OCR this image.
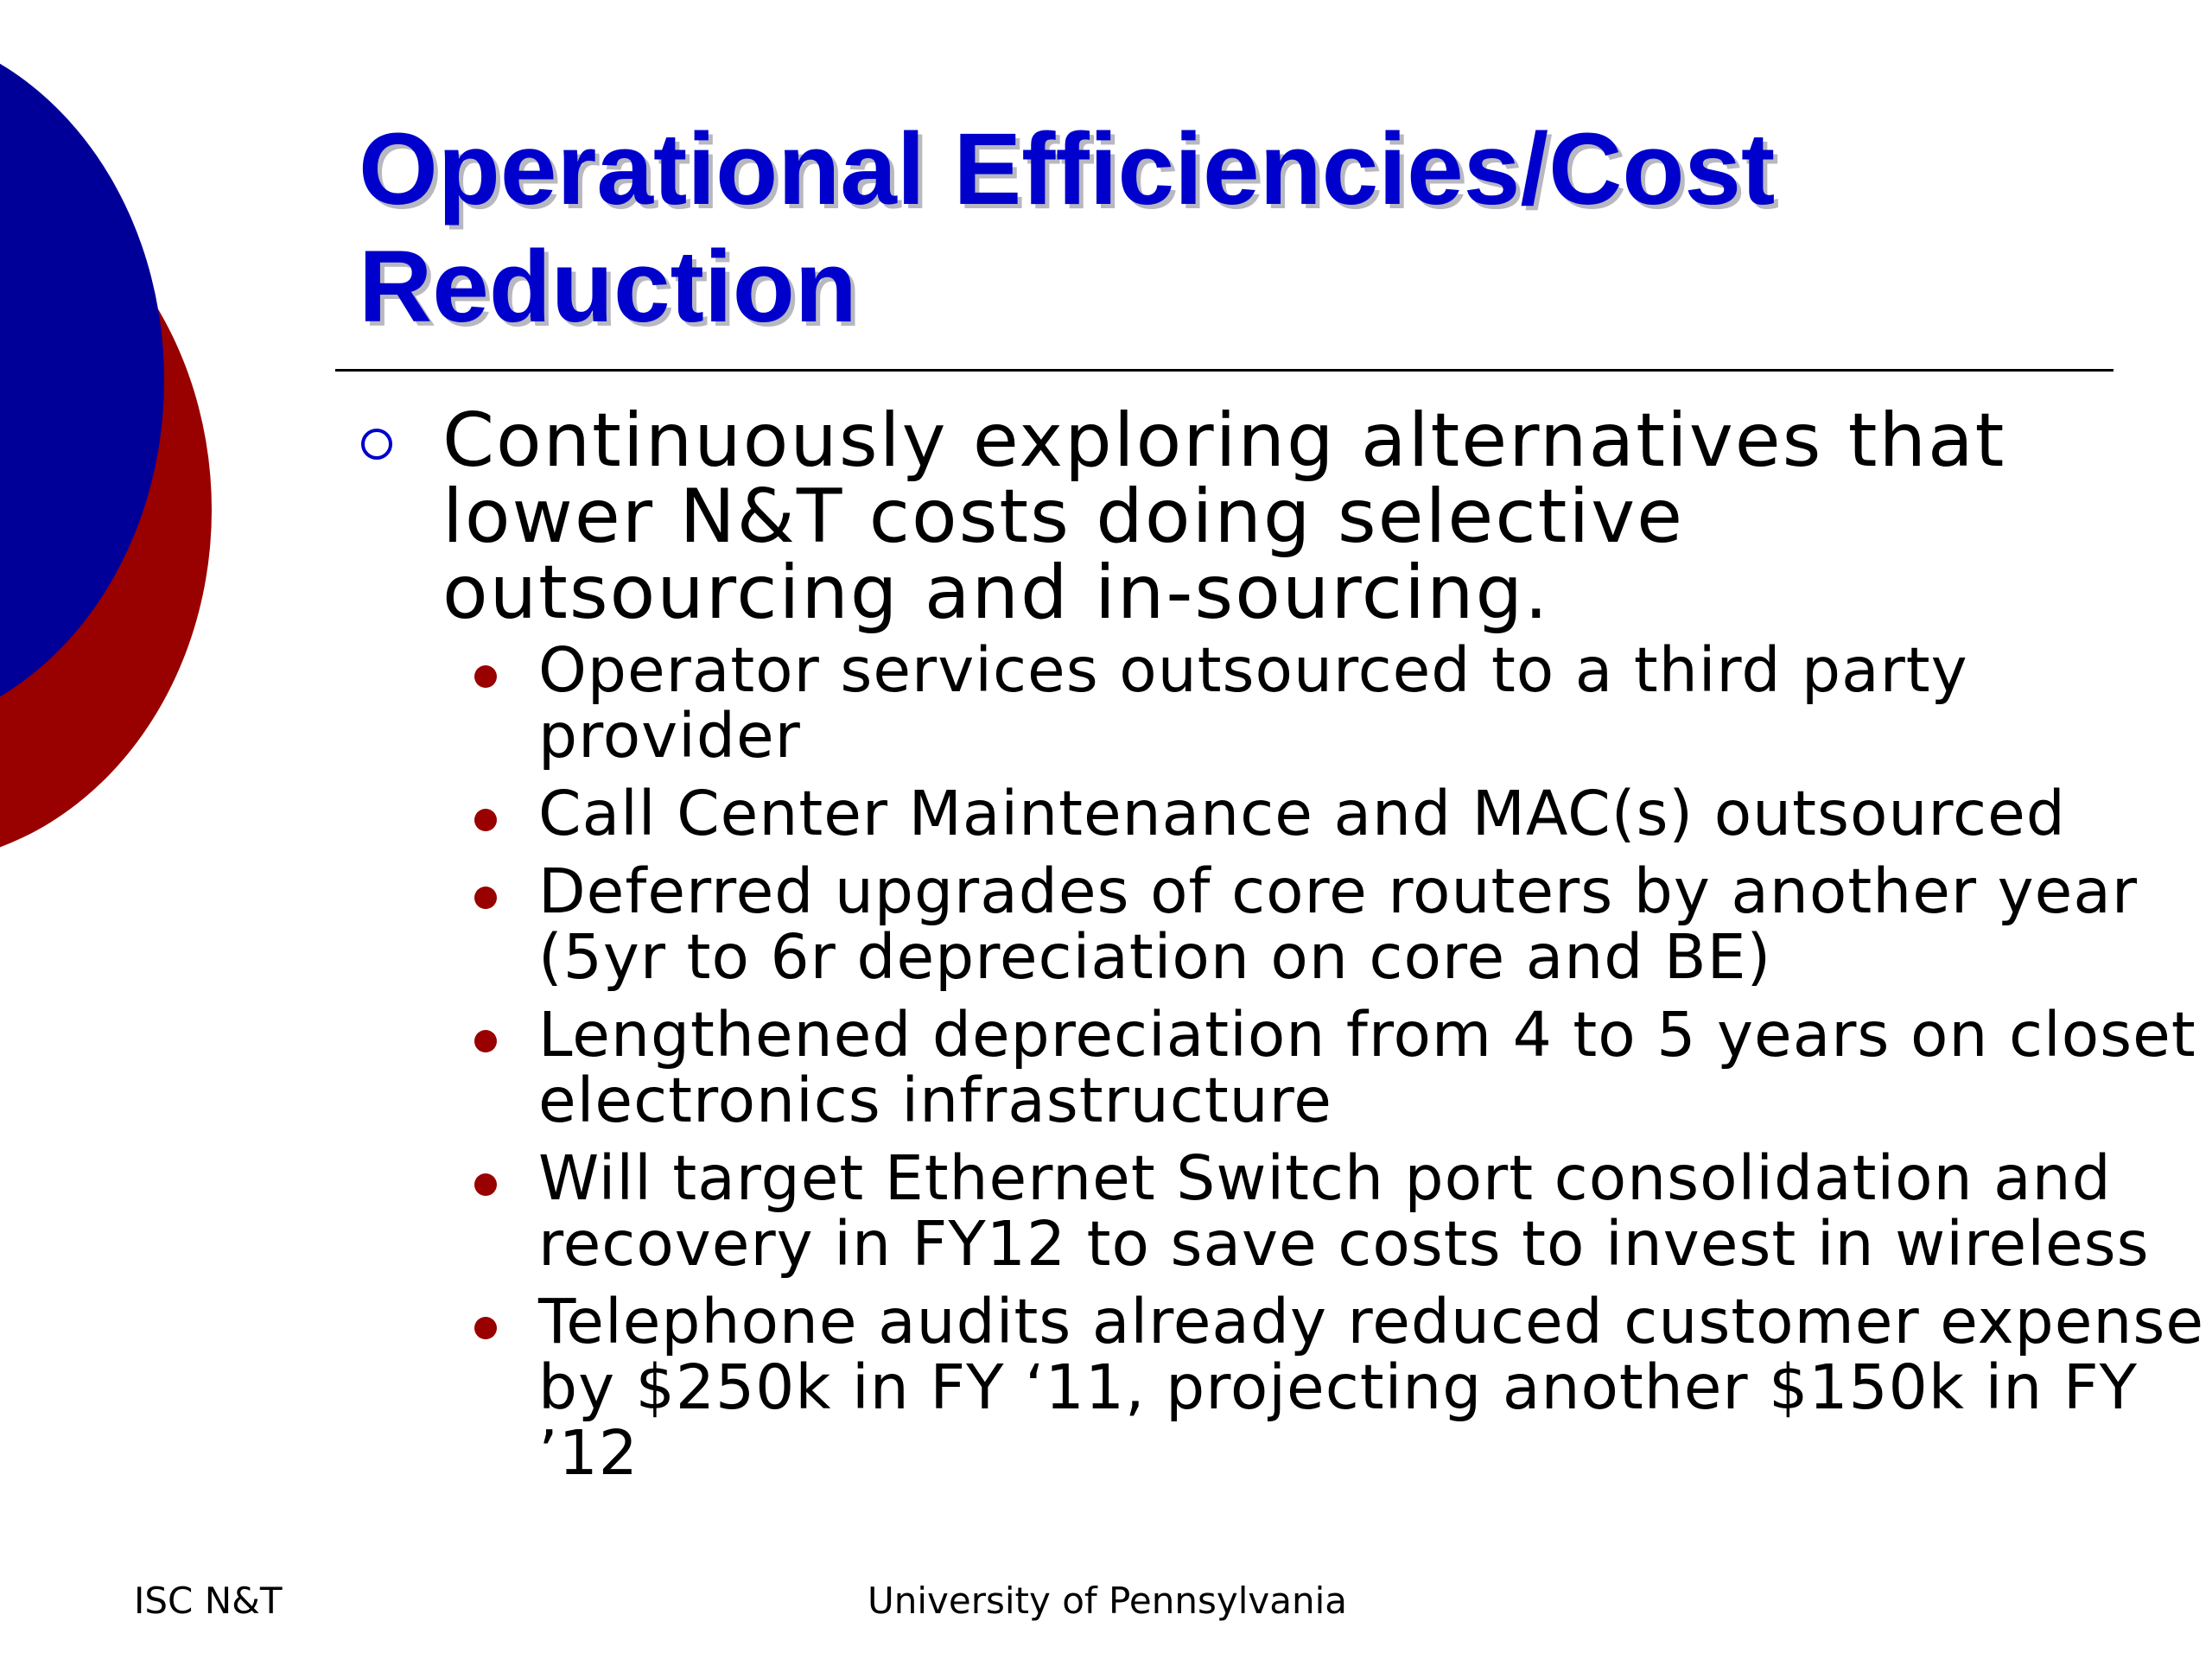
Operational Efficiencies/Cost
Reduction

Continuously exploring alternatives that lower N&T costs doing selective outsourcing and in-sourcing.

Operator services outsourced to a third party provider
Call Center Maintenance and MAC(s) outsourced
Deferred upgrades of core routers by another year (5yr to 6r depreciation on core and BE)
Lengthened depreciation from 4 to 5 years on closet electronics infrastructure
Will target Ethernet Switch port consolidation and recovery in FY12 to save costs to invest in wireless
Telephone audits already reduced customer expense by $250k in FY ‘11, projecting another $150k in FY ’12
ISC N&T	University of Pennsylvania
